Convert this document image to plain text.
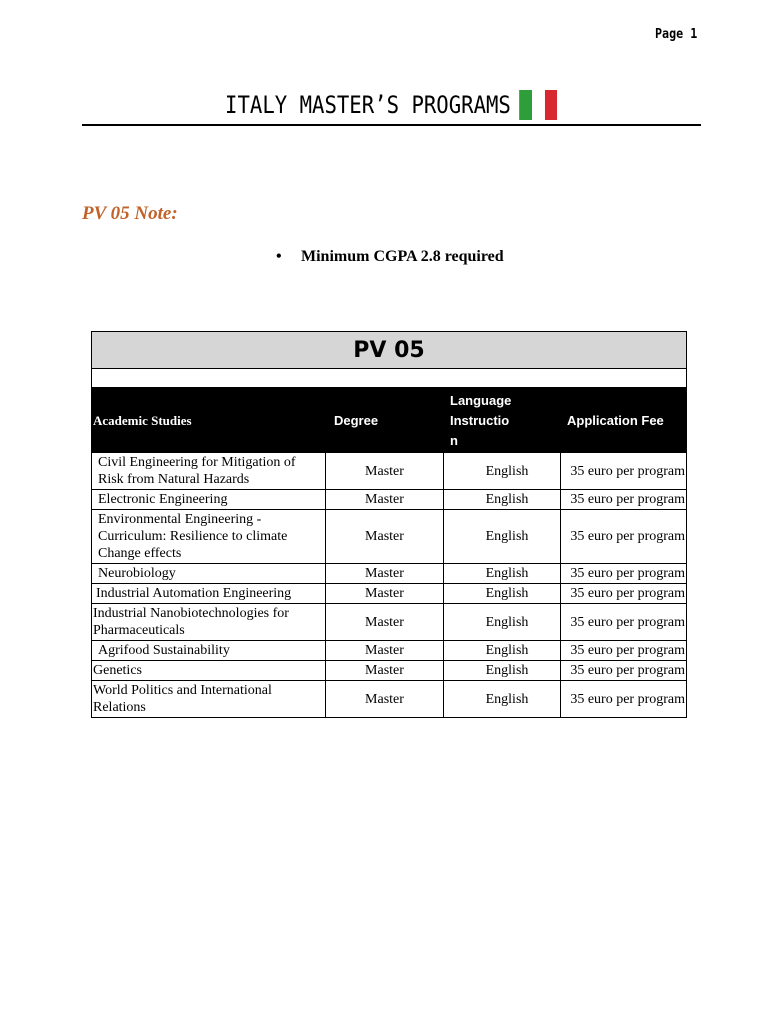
Page 1
ITALY MASTER’S PROGRAMS
PV 05 Note:
•	Minimum CGPA 2.8 required
PV 05			

Academic Studies	Degree	Language
Instructio
n	Application Fee
Civil Engineering for Mitigation of Risk from Natural Hazards	Master	English	35 euro per program
Electronic Engineering	Master	English	35 euro per program
Environmental Engineering - Curriculum: Resilience to climate Change effects	Master	English	35 euro per program
Neurobiology	Master	English	35 euro per program
Industrial Automation Engineering	Master	English	35 euro per program
Industrial Nanobiotechnologies for Pharmaceuticals	Master	English	35 euro per program
Agrifood Sustainability	Master	English	35 euro per program
Genetics	Master	English	35 euro per program
World Politics and International Relations	Master	English	35 euro per program
